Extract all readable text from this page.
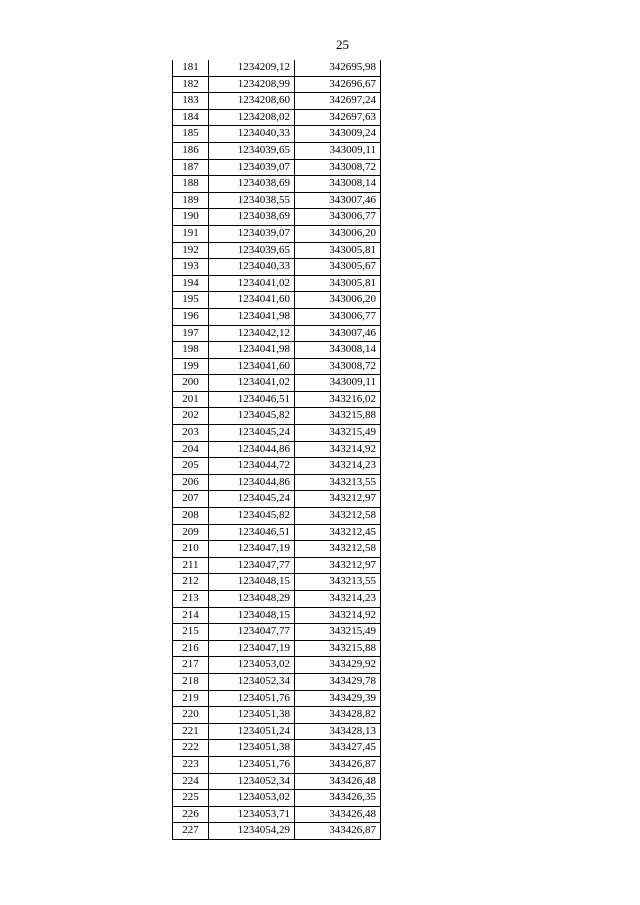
25
181	1234209,12	342695,98
182	1234208,99	342696,67
183	1234208,60	342697,24
184	1234208,02	342697,63
185	1234040,33	343009,24
186	1234039,65	343009,11
187	1234039,07	343008,72
188	1234038,69	343008,14
189	1234038,55	343007,46
190	1234038,69	343006,77
191	1234039,07	343006,20
192	1234039,65	343005,81
193	1234040,33	343005,67
194	1234041,02	343005,81
195	1234041,60	343006,20
196	1234041,98	343006,77
197	1234042,12	343007,46
198	1234041,98	343008,14
199	1234041,60	343008,72
200	1234041,02	343009,11
201	1234046,51	343216,02
202	1234045,82	343215,88
203	1234045,24	343215,49
204	1234044,86	343214,92
205	1234044,72	343214,23
206	1234044,86	343213,55
207	1234045,24	343212,97
208	1234045,82	343212,58
209	1234046,51	343212,45
210	1234047,19	343212,58
211	1234047,77	343212,97
212	1234048,15	343213,55
213	1234048,29	343214,23
214	1234048,15	343214,92
215	1234047,77	343215,49
216	1234047,19	343215,88
217	1234053,02	343429,92
218	1234052,34	343429,78
219	1234051,76	343429,39
220	1234051,38	343428,82
221	1234051,24	343428,13
222	1234051,38	343427,45
223	1234051,76	343426,87
224	1234052,34	343426,48
225	1234053,02	343426,35
226	1234053,71	343426,48
227	1234054,29	343426,87
